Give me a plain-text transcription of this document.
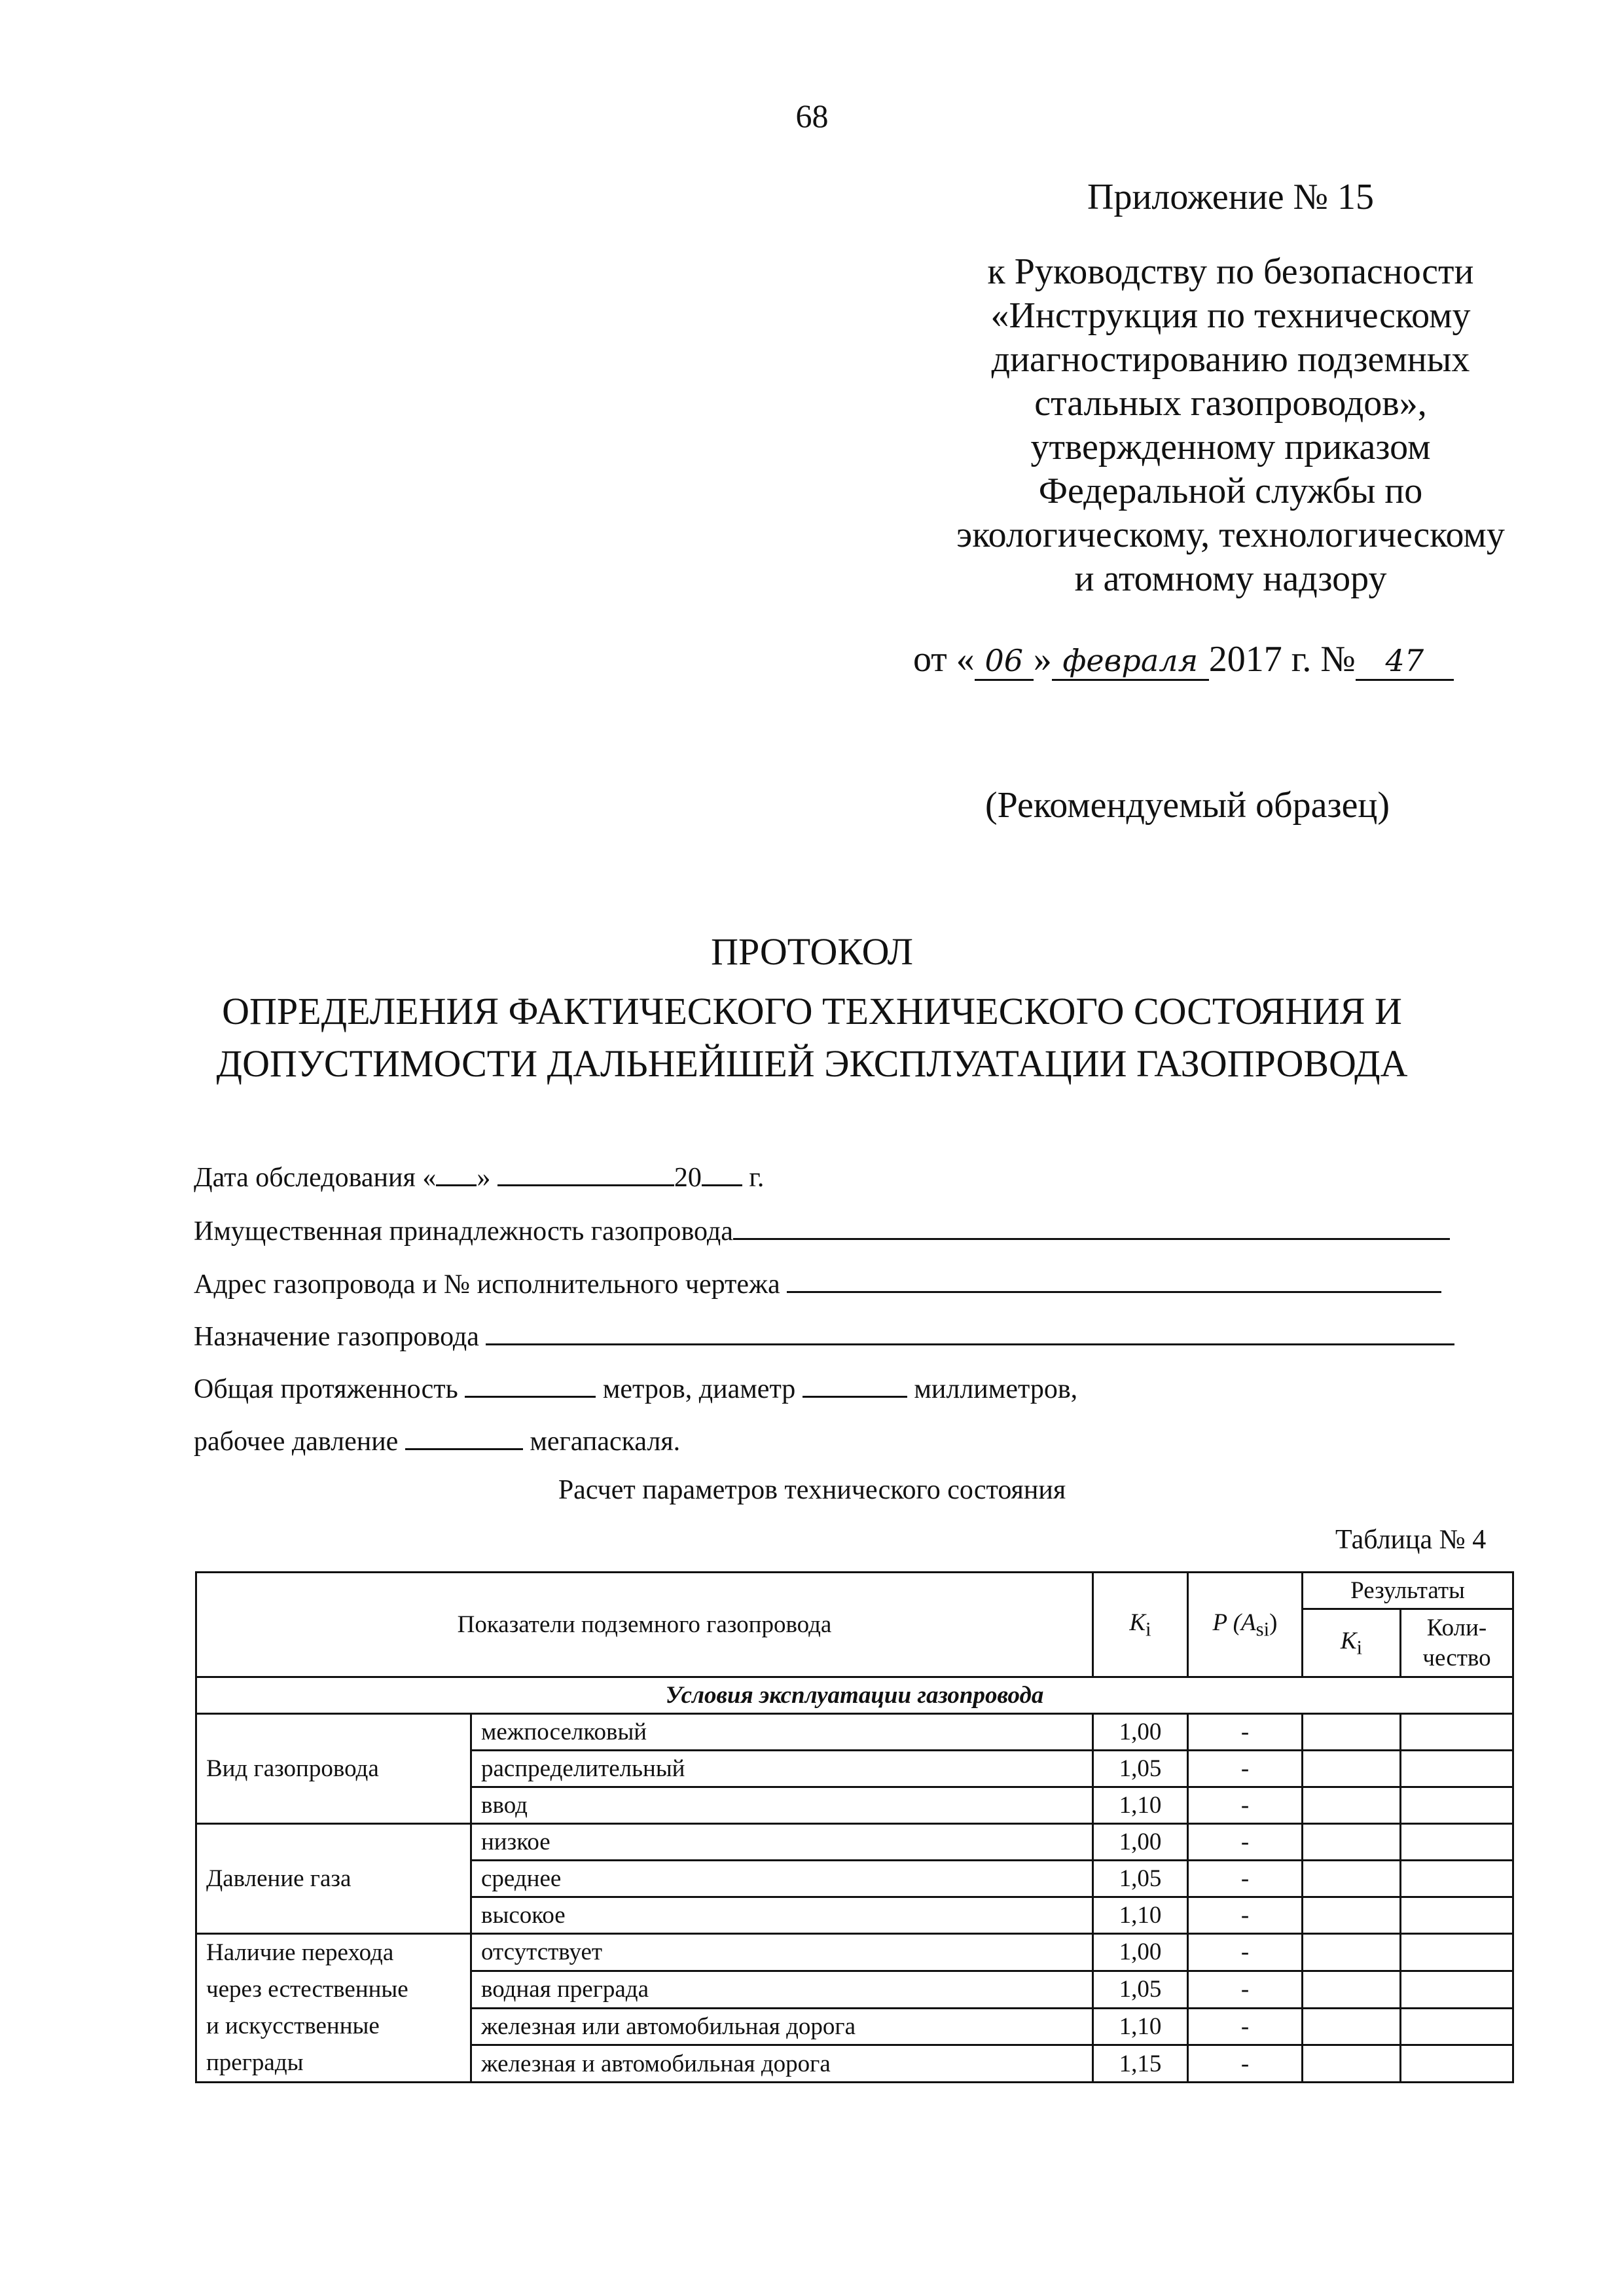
68
Приложение № 15
к Руководству по безопасности
«Инструкция по техническому
диагностированию подземных
стальных газопроводов»,
утвержденному приказом
Федеральной службы по
экологическому, технологическому
и атомному надзору
от « 06 » февраля 2017 г. № 47
(Рекомендуемый образец)
ПРОТОКОЛ
ОПРЕДЕЛЕНИЯ ФАКТИЧЕСКОГО ТЕХНИЧЕСКОГО СОСТОЯНИЯ И
ДОПУСТИМОСТИ ДАЛЬНЕЙШЕЙ ЭКСПЛУАТАЦИИ ГАЗОПРОВОДА
Дата обследования « »	20 г.
Имущественная принадлежность газопровода
Адрес газопровода и № исполнительного чертежа
Назначение газопровода
Общая протяженность	метров, диаметр	миллиметров,
рабочее давление	мегапаскаля.
Расчет параметров технического состояния
Таблица № 4
Показатели подземного газопровода		$K_i$	P $(A_{si})$	Результаты	
				$K_i$	Коли-
чество

Условия эксплуатации газопровода					
Вид газопровода	межпоселковый	1,00	-		
	распределительный	1,05	-		
	ввод	1,10	-		
Давление газа	низкое	1,00	-		
	среднее	1,05	-		
	высокое	1,10	-		

Наличие перехода
через естественные
и искусственные
преграды	отсутствует	1,00	-		
	водная преграда	1,05	-		
	железная или автомобильная дорога	1,10	-		
	железная и автомобильная дорога	1,15	-		
